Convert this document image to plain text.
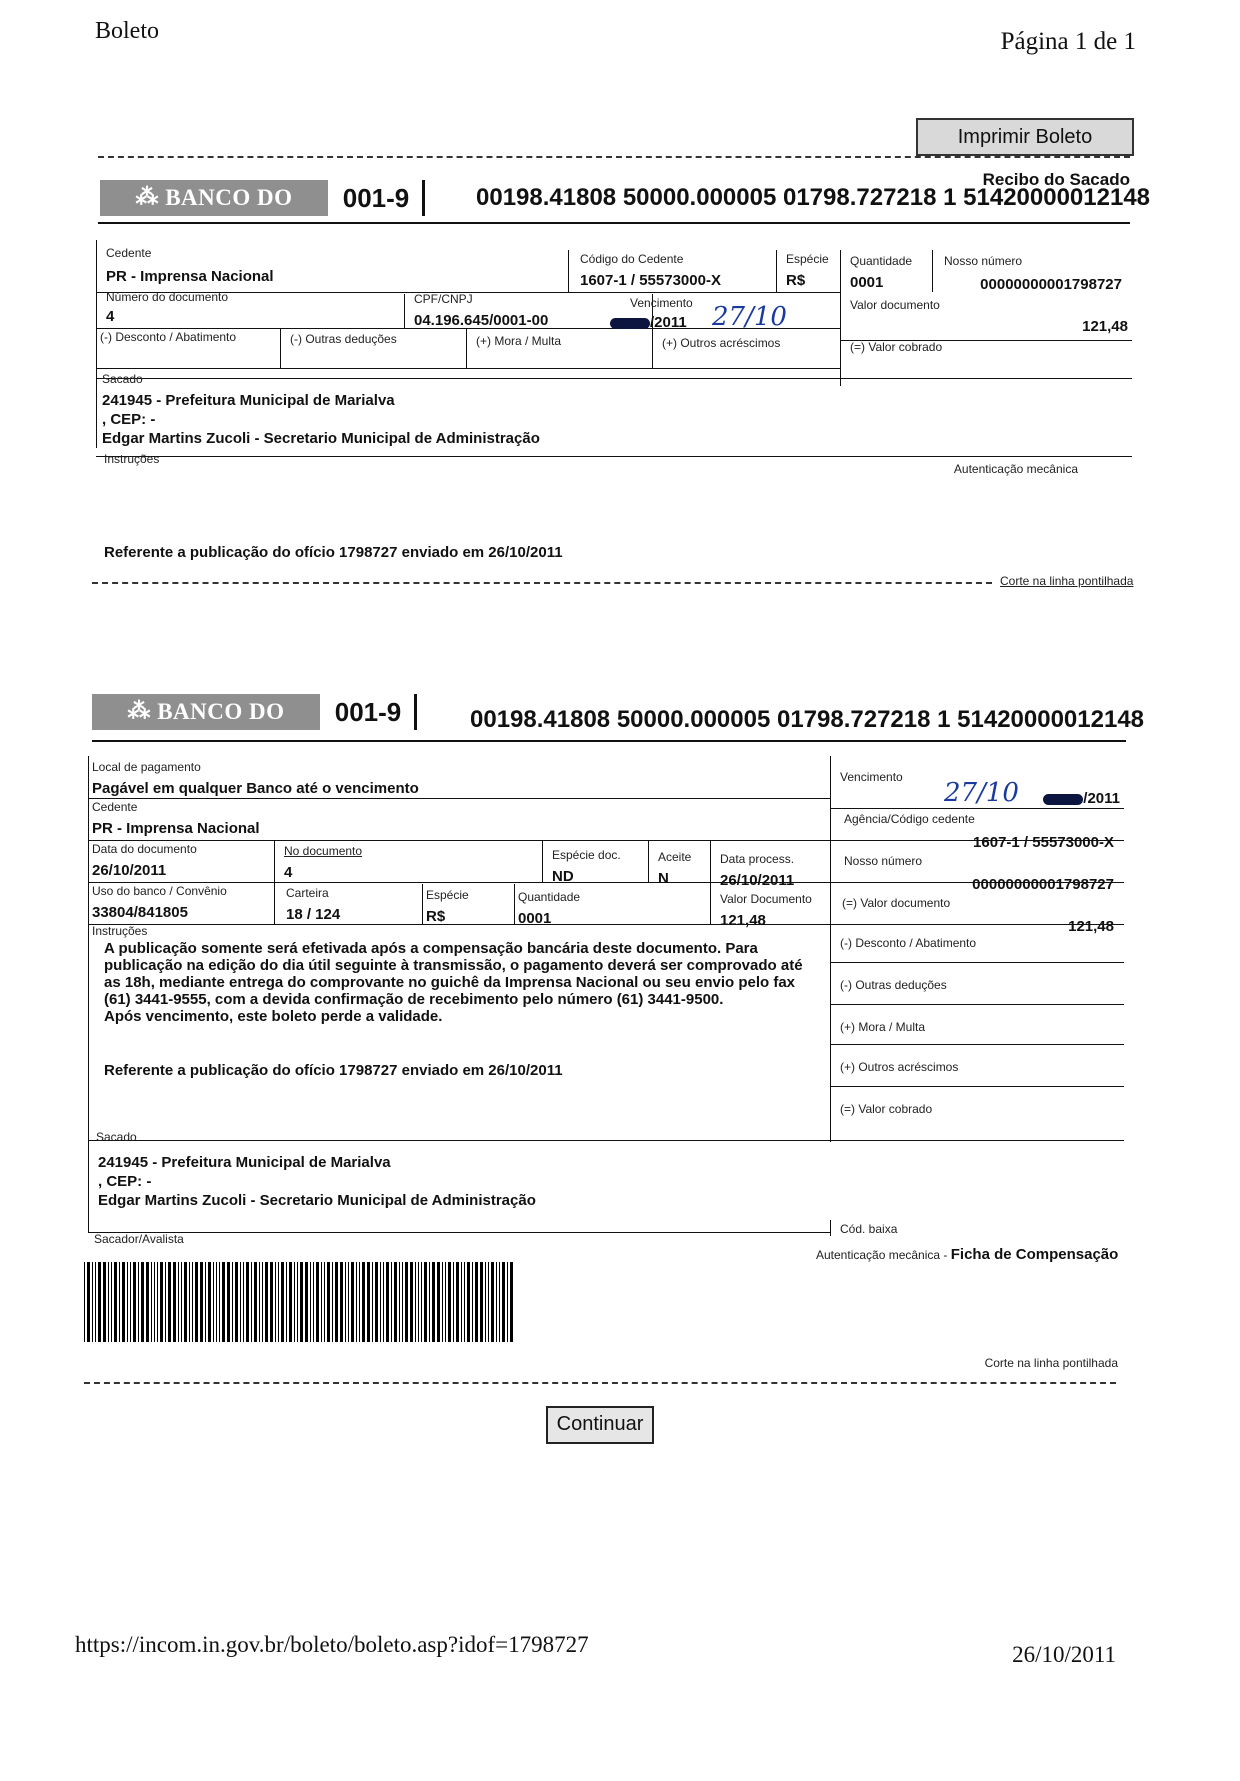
Boleto	Página 1 de 1
Imprimir Boleto
Recibo do Sacado
⁂ BANCO DO BRASIL
001-9	00198.41808 50000.000005 01798.727218 1 51420000012148
Cedente
PR - Imprensa Nacional
Código do Cedente
1607-1 / 55573000-X
Espécie
R$
Quantidade
0001
Nosso número
00000000001798727
Número do documento
4
CPF/CNPJ
04.196.645/0001-00
Vencimento
/2011 27/10	Valor documento
121,48
(-) Desconto / Abatimento	(-) Outras deduções	(+) Mora / Multa	(+) Outros acréscimos	(=) Valor cobrado
Sacado
241945 - Prefeitura Municipal de Marialva
, CEP: -
Edgar Martins Zucoli - Secretario Municipal de Administração
Instruções
Autenticação mecânica
Referente a publicação do ofício 1798727 enviado em 26/10/2011
Corte na linha pontilhada
⁂ BANCO DO BRASIL
001-9	00198.41808 50000.000005 01798.727218 1 51420000012148
Local de pagamento
Pagável em qualquer Banco até o vencimento
Vencimento
27/10	/2011
Cedente
PR - Imprensa Nacional
Agência/Código cedente
1607-1 / 55573000-X
Data do documento
26/10/2011
No documento
4
Espécie doc.
ND
Aceite
N
Data process.
26/10/2011
Nosso número
00000000001798727
Uso do banco / Convênio
33804/841805
Carteira
18 / 124
Espécie
R$
Quantidade
0001
Valor Documento
121,48
(=) Valor documento
121,48
Instruções
A publicação somente será efetivada após a compensação bancária deste documento. Para
publicação na edição do dia útil seguinte à transmissão, o pagamento deverá ser comprovado até
as 18h, mediante entrega do comprovante no guichê da Imprensa Nacional ou seu envio pelo fax
(61) 3441-9555, com a devida confirmação de recebimento pelo número (61) 3441-9500.
Após vencimento, este boleto perde a validade.
Referente a publicação do ofício 1798727 enviado em 26/10/2011
(-) Desconto / Abatimento
(-) Outras deduções
(+) Mora / Multa
(+) Outros acréscimos
(=) Valor cobrado
Sacado
241945 - Prefeitura Municipal de Marialva
, CEP: -
Edgar Martins Zucoli - Secretario Municipal de Administração
Cód. baixa
Sacador/Avalista
Autenticação mecânica - Ficha de Compensação
Corte na linha pontilhada
Continuar
https://incom.in.gov.br/boleto/boleto.asp?idof=1798727	26/10/2011
